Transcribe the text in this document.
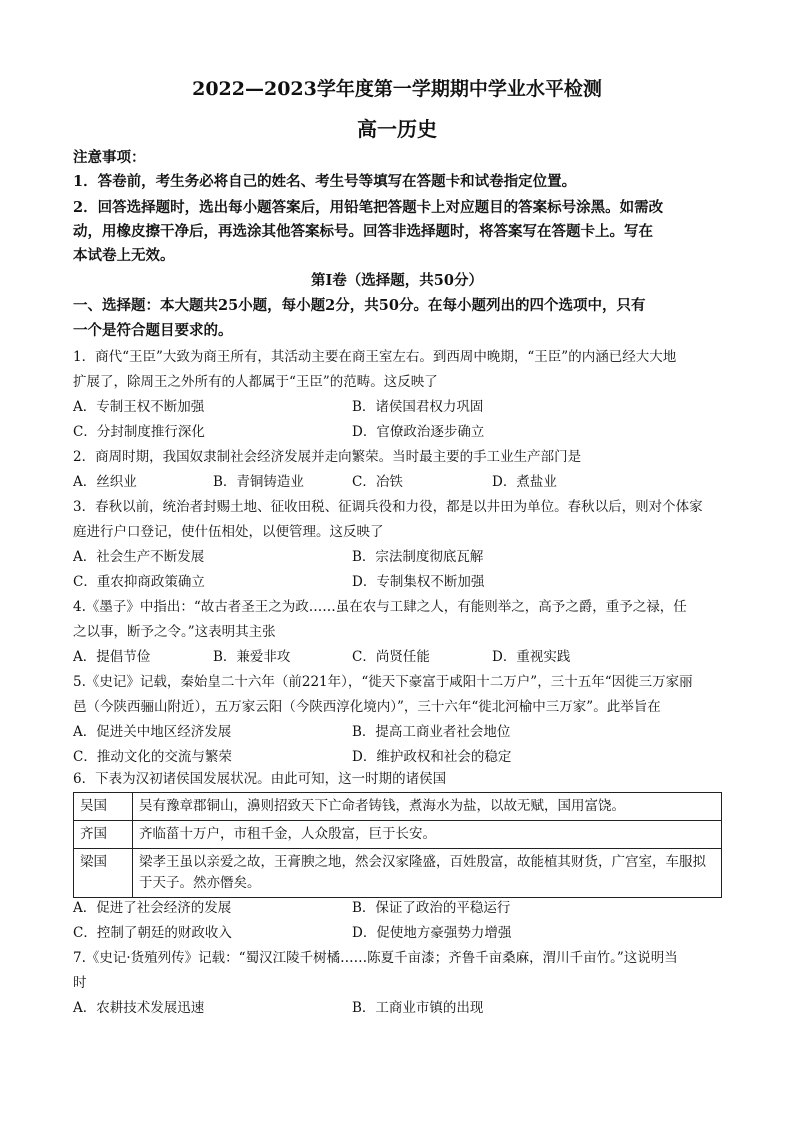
2022—2023学年度第一学期期中学业水平检测
高一历史
注意事项：
1．答卷前，考生务必将自己的姓名、考生号等填写在答题卡和试卷指定位置。
2．回答选择题时，选出每小题答案后，用铅笔把答题卡上对应题目的答案标号涂黑。如需改
动，用橡皮擦干净后，再选涂其他答案标号。回答非选择题时，将答案写在答题卡上。写在
本试卷上无效。
第Ⅰ卷（选择题，共50分）
一、选择题：本大题共25小题，每小题2分，共50分。在每小题列出的四个选项中，只有
一个是符合题目要求的。
1．商代“王臣”大致为商王所有，其活动主要在商王室左右。到西周中晚期，“王臣”的内涵已经大大地
扩展了，除周王之外所有的人都属于“王臣”的范畴。这反映了
A．专制王权不断加强	B．诸侯国君权力巩固
C．分封制度推行深化	D．官僚政治逐步确立
2．商周时期，我国奴隶制社会经济发展并走向繁荣。当时最主要的手工业生产部门是
A．丝织业	B．青铜铸造业	C．冶铁	D．煮盐业
3．春秋以前，统治者封赐土地、征收田税、征调兵役和力役，都是以井田为单位。春秋以后，则对个体家
庭进行户口登记，使什伍相处，以便管理。这反映了
A．社会生产不断发展	B．宗法制度彻底瓦解
C．重农抑商政策确立	D．专制集权不断加强
4.《墨子》中指出：“故古者圣王之为政……虽在农与工肆之人，有能则举之，高予之爵，重予之禄，任
之以事，断予之令。”这表明其主张
A．提倡节俭	B．兼爱非攻	C．尚贤任能	D．重视实践
5.《史记》记载，秦始皇二十六年（前221年），“徙天下豪富于咸阳十二万户”，三十五年“因徙三万家丽
邑（今陕西骊山附近），五万家云阳（今陕西淳化境内）”，三十六年“徙北河榆中三万家”。此举旨在
A．促进关中地区经济发展	B．提高工商业者社会地位
C．推动文化的交流与繁荣	D．维护政权和社会的稳定
6．下表为汉初诸侯国发展状况。由此可知，这一时期的诸侯国
吴国	吴有豫章郡铜山，濞则招致天下亡命者铸钱，煮海水为盐，以故无赋，国用富饶。
齐国	齐临菑十万户，市租千金，人众殷富，巨于长安。
梁国	梁孝王虽以亲爱之故，王膏腴之地，然会汉家隆盛，百姓殷富，故能植其财货，广宫室，车服拟于天子。然亦僭矣。
A．促进了社会经济的发展	B．保证了政治的平稳运行
C．控制了朝廷的财政收入	D．促使地方豪强势力增强
7.《史记·货殖列传》记载：“蜀汉江陵千树橘……陈夏千亩漆；齐鲁千亩桑麻，渭川千亩竹。”这说明当
时
A．农耕技术发展迅速	B．工商业市镇的出现
